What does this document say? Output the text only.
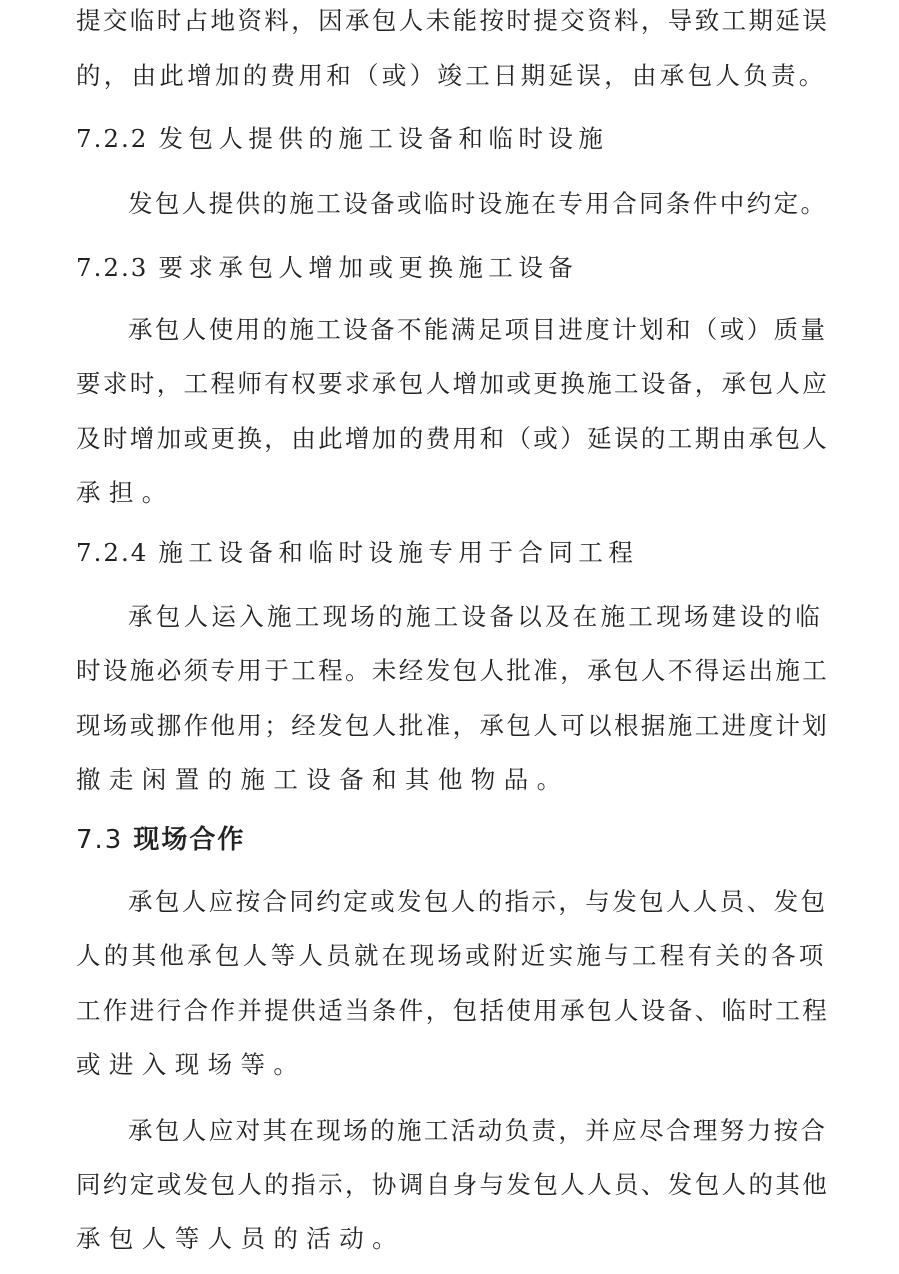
提交临时占地资料，因承包人未能按时提交资料，导致工期延误
的，由此增加的费用和（或）竣工日期延误，由承包人负责。
7.2.2 发包人提供的施工设备和临时设施
发包人提供的施工设备或临时设施在专用合同条件中约定。
7.2.3 要求承包人增加或更换施工设备
承包人使用的施工设备不能满足项目进度计划和（或）质量
要求时，工程师有权要求承包人增加或更换施工设备，承包人应
及时增加或更换，由此增加的费用和（或）延误的工期由承包人
承担。
7.2.4 施工设备和临时设施专用于合同工程
承包人运入施工现场的施工设备以及在施工现场建设的临
时设施必须专用于工程。未经发包人批准，承包人不得运出施工
现场或挪作他用；经发包人批准，承包人可以根据施工进度计划
撤走闲置的施工设备和其他物品。
7.3 现场合作
承包人应按合同约定或发包人的指示，与发包人人员、发包
人的其他承包人等人员就在现场或附近实施与工程有关的各项
工作进行合作并提供适当条件，包括使用承包人设备、临时工程
或进入现场等。
承包人应对其在现场的施工活动负责，并应尽合理努力按合
同约定或发包人的指示，协调自身与发包人人员、发包人的其他
承包人等人员的活动。
